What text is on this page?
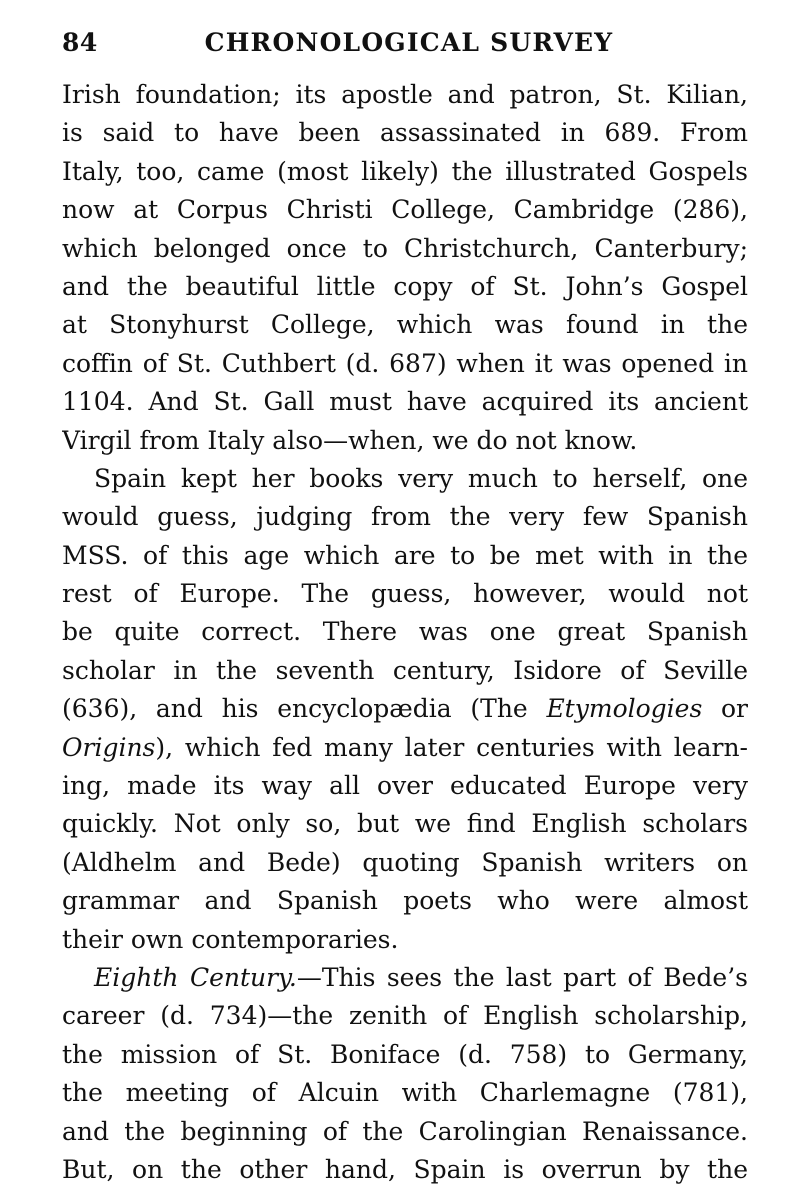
84	CHRONOLOGICAL SURVEY
Irish foundation; its apostle and patron, St. Kilian,
is said to have been assassinated in 689. From
Italy, too, came (most likely) the illustrated Gospels
now at Corpus Christi College, Cambridge (286),
which belonged once to Christchurch, Canterbury;
and the beautiful little copy of St. John’s Gospel
at Stonyhurst College, which was found in the
coffin of St. Cuthbert (d. 687) when it was opened in
1104. And St. Gall must have acquired its ancient
Virgil from Italy also—when, we do not know.
Spain kept her books very much to herself, one
would guess, judging from the very few Spanish
MSS. of this age which are to be met with in the
rest of Europe. The guess, however, would not
be quite correct. There was one great Spanish
scholar in the seventh century, Isidore of Seville
(636), and his encyclopædia (The Etymologies or
Origins), which fed many later centuries with learn-
ing, made its way all over educated Europe very
quickly. Not only so, but we find English scholars
(Aldhelm and Bede) quoting Spanish writers on
grammar and Spanish poets who were almost
their own contemporaries.
Eighth Century.—This sees the last part of Bede’s
career (d. 734)—the zenith of English scholarship,
the mission of St. Boniface (d. 758) to Germany,
the meeting of Alcuin with Charlemagne (781),
and the beginning of the Carolingian Renaissance.
But, on the other hand, Spain is overrun by the
